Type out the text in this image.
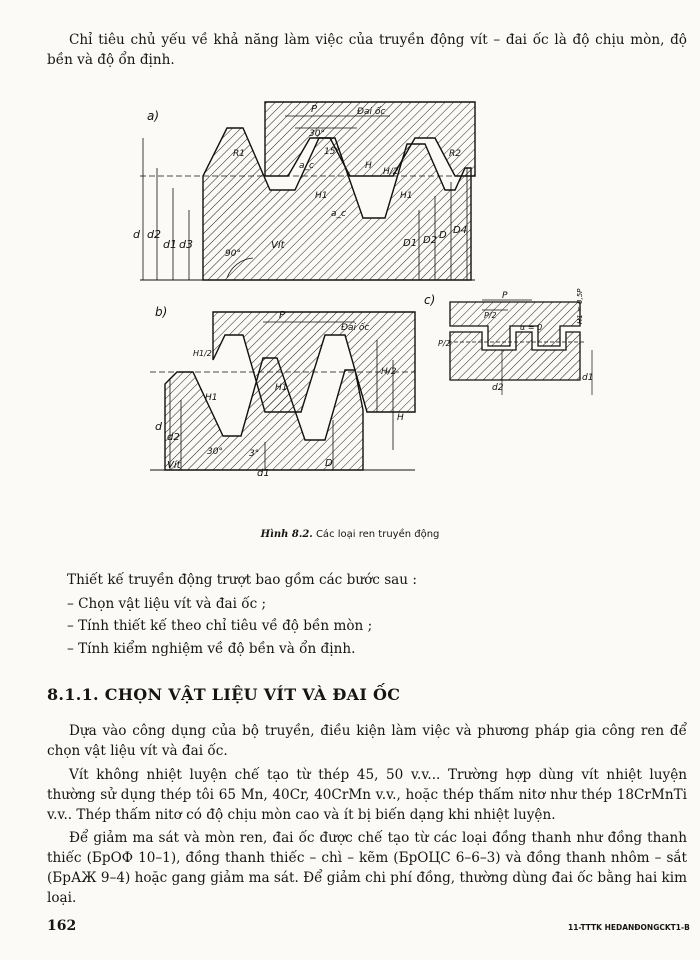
Chỉ tiêu chủ yếu về khả năng làm việc của truyền động vít – đai ốc là độ chịu mòn, độ bền và độ ổn định.

a)	P	Đai ốc
30°
15°
R1	R2
a_c
a_c
H
H/2
H1	H1
Vít
90°
d d2
d1 d3	D1 D2 D D4
b)	P
Đai ốc
H1/2
H1
H1
H/2
H
d
d2
30°	3°
Vít
d1
D
c)	P
P/2
α = 0
H1 = 0,5P
P/2
d2
d1
Hình 8.2. Các loại ren truyền động

Thiết kế truyền động trượt bao gồm các bước sau :

– Chọn vật liệu vít và đai ốc ;

– Tính thiết kế theo chỉ tiêu về độ bền mòn ;

– Tính kiểm nghiệm về độ bền và ổn định.

8.1.1. CHỌN VẬT LIỆU VÍT VÀ ĐAI ỐC

Dựa vào công dụng của bộ truyền, điều kiện làm việc và phương pháp gia công ren để chọn vật liệu vít và đai ốc.

Vít không nhiệt luyện chế tạo từ thép 45, 50 v.v... Trường hợp dùng vít nhiệt luyện thường sử dụng thép tôi 65 Mn, 40Cr, 40CrMn v.v., hoặc thép thấm nitơ như thép 18CrMnTi v.v.. Thép thấm nitơ có độ chịu mòn cao và ít bị biến dạng khi nhiệt luyện.

Để giảm ma sát và mòn ren, đai ốc được chế tạo từ các loại đồng thanh như đồng thanh thiếc (БрОФ 10–1), đồng thanh thiếc – chì – kẽm (БрОЦС 6–6–3) và đồng thanh nhôm – sắt (БрАЖ 9–4) hoặc gang giảm ma sát. Để giảm chi phí đồng, thường dùng đai ốc bằng hai kim loại.

162	11-TTTK HEDANĐONGCKT1-B
